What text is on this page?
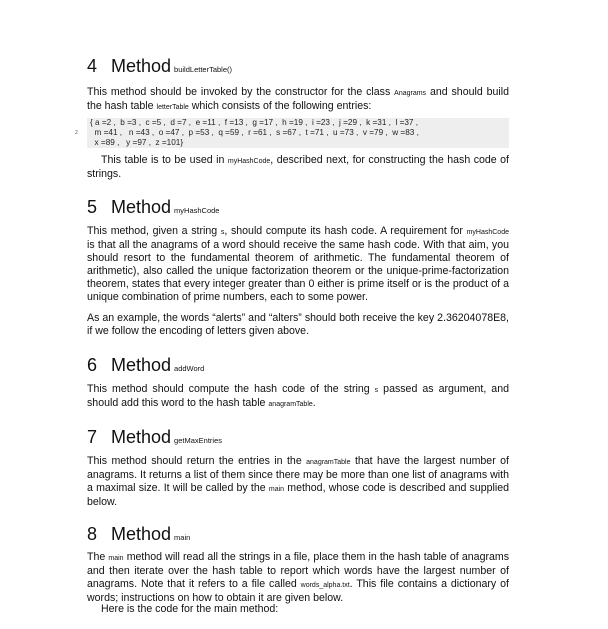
4 Method buildLetterTable()
This method should be invoked by the constructor for the class Anagrams and should build the hash table letterTable which consists of the following entries:
2
{ a =2 ,  b =3 ,  c =5 ,  d =7 ,  e =11 ,  f =13 ,  g =17 ,  h =19 ,  i =23 ,  j =29 ,  k =31 ,  l =37 ,
m =41 ,   n =43 ,  o =47 ,  p =53 ,  q =59 ,  r =61 ,  s =67 ,  t =71 ,  u =73 ,  v =79 ,  w =83 ,
x =89 ,   y =97 ,  z =101}
This table is to be used in myHashCode, described next, for constructing the hash code of strings.
5 Method myHashCode
This method, given a string s, should compute its hash code. A requirement for myHashCode is that all the anagrams of a word should receive the same hash code. With that aim, you should resort to the fundamental theorem of arithmetic. The fundamental theorem of arithmetic), also called the unique factorization theorem or the unique-prime-factorization theorem, states that every integer greater than 0 either is prime itself or is the product of a unique combination of prime numbers, each to some power.
As an example, the words “alerts” and “alters” should both receive the key 2.36204078E8, if we follow the encoding of letters given above.
6 Method addWord
This method should compute the hash code of the string s passed as argument, and should add this word to the hash table anagramTable.
7 Method getMaxEntries
This method should return the entries in the anagramTable that have the largest number of anagrams. It returns a list of them since there may be more than one list of anagrams with a maximal size. It will be called by the main method, whose code is described and supplied below.
8 Method main
The main method will read all the strings in a file, place them in the hash table of anagrams and then iterate over the hash table to report which words have the largest number of anagrams. Note that it refers to a file called words_alpha.txt. This file contains a dictionary of words; instructions on how to obtain it are given below.
Here is the code for the main method:
